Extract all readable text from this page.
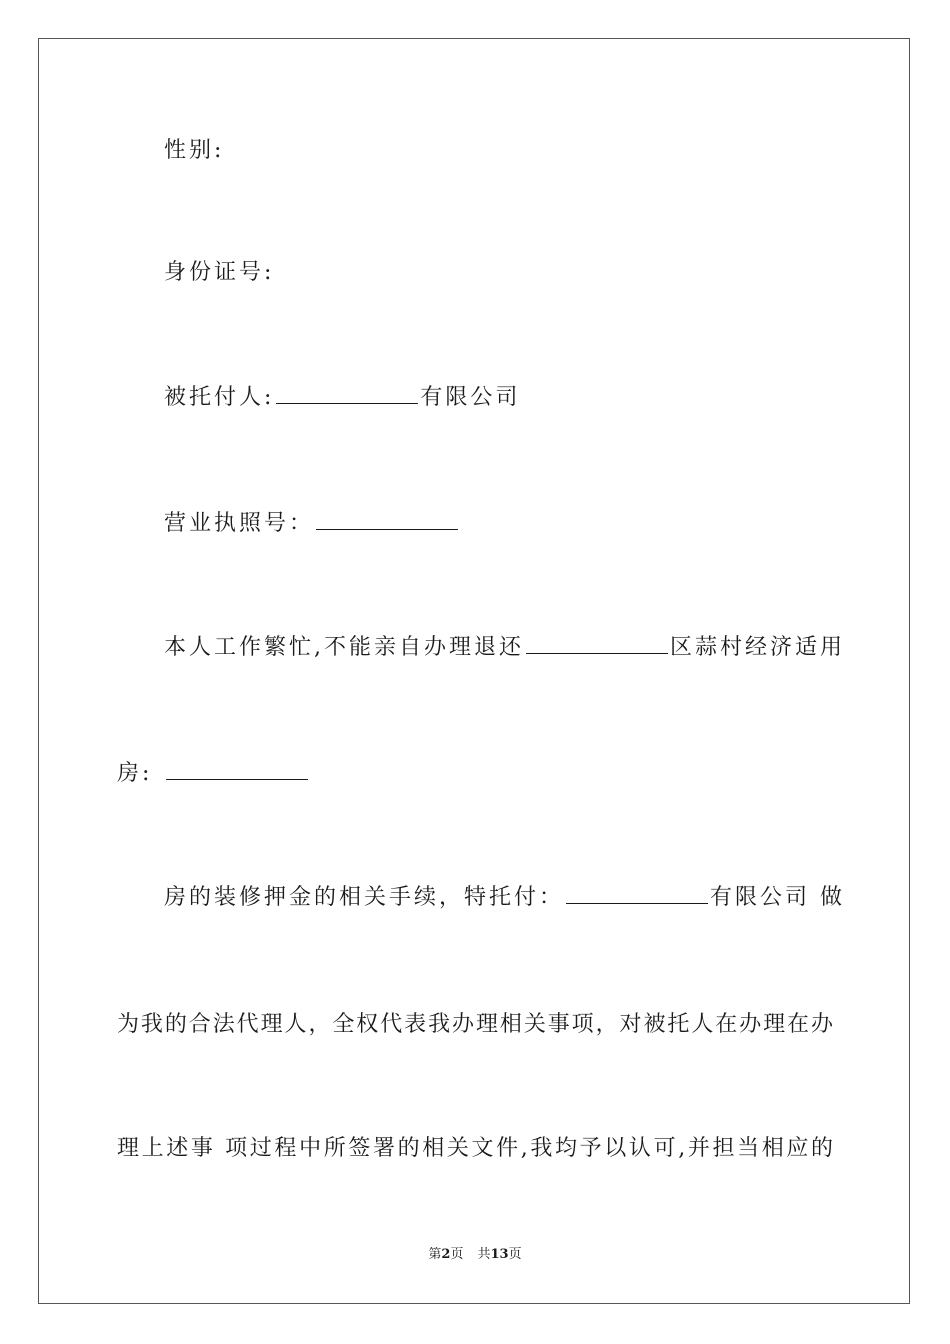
性别:
身份证号:
被托付人:	有限公司
营业执照号：
本人工作繁忙,不能亲自办理退还	区蒜村经济适用
房:
房的装修押金的相关手续，特托付：	有限公司 做
为我的合法代理人，全权代表我办理相关事项，对被托人在办理在办
理上述事 项过程中所签署的相关文件,我均予以认可,并担当相应的
第2页 共13页
